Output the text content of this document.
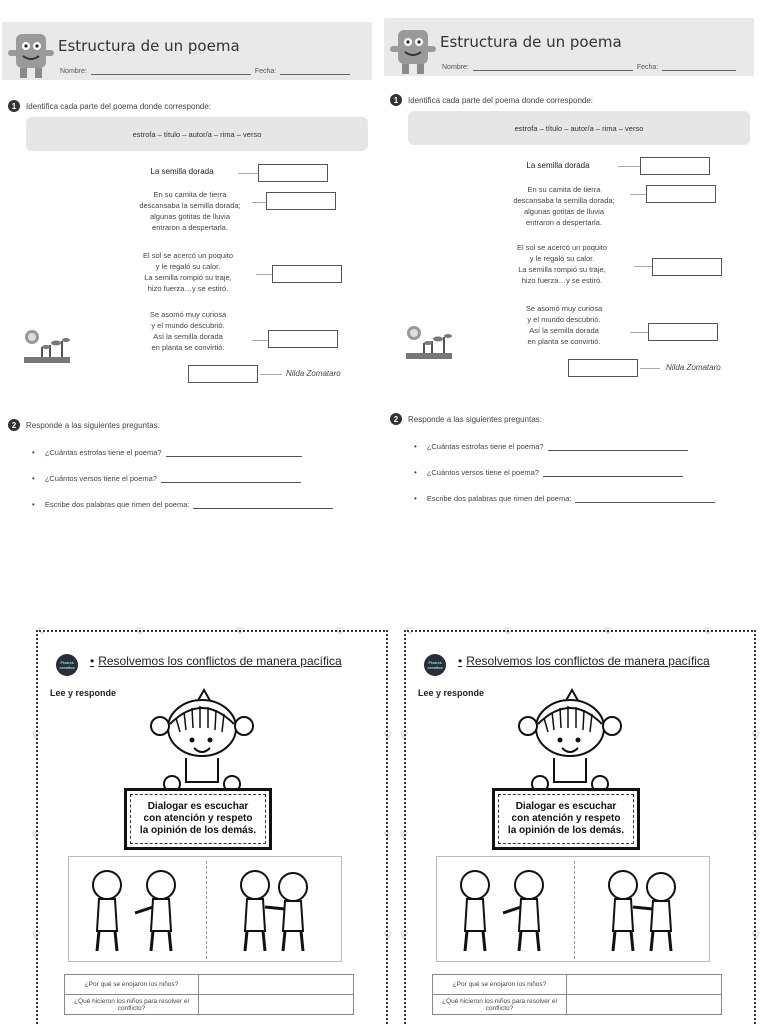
Estructura de un poema
Nombre:	Fecha:
1	Identifica cada parte del poema donde corresponde:
estrofa – título – autor/a – rima – verso
La semilla dorada
En su camita de tierra
descansaba la semilla dorada;
algunas gotitas de lluvia
entraron a despertarla.
El sol se acercó un poquito
y le regaló su calor.
La semilla rompió su traje,
hizo fuerza…y se estiró.
Se asomó muy curiosa
y el mundo descubrió.
Así la semilla dorada
en planta se convirtió.
Nilda Zomataro
2	Responde a las siguientes preguntas:
• ¿Cuántas estrofas tiene el poema?
• ¿Cuántos versos tiene el poema?
• Escribe dos palabras que rimen del poema:
Estructura de un poema
Nombre:	Fecha:
1	Identifica cada parte del poema donde corresponde:
estrofa – título – autor/a – rima – verso
La semilla dorada
En su camita de tierra
descansaba la semilla dorada;
algunas gotitas de lluvia
entraron a despertarla.
El sol se acercó un poquito
y le regaló su calor.
La semilla rompió su traje,
hizo fuerza…y se estiró.
Se asomó muy curiosa
y el mundo descubrió.
Así la semilla dorada
en planta se convirtió.
Nilda Zomataro
2	Responde a las siguientes preguntas:
• ¿Cuántas estrofas tiene el poema?
• ¿Cuántos versos tiene el poema?
• Escribe dos palabras que rimen del poema:
♡	♡	♡	♡
♡
♡
♡
♡
♡
♡
Pizarra creativa • Resolvemos los conflictos de manera pacífica
Lee y responde
Dialogar es escuchar
con atención y respeto
la opinión de los demás.
¿Por qué se enojaron los niños?	
¿Qué hicieron los niños para resolver el conflicto?	
♡	♡	♡	♡
♡
♡
♡
♡
♡
♡
Pizarra creativa • Resolvemos los conflictos de manera pacífica
Lee y responde
Dialogar es escuchar
con atención y respeto
la opinión de los demás.
¿Por qué se enojaron los niños?	
¿Qué hicieron los niños para resolver el conflicto?	
